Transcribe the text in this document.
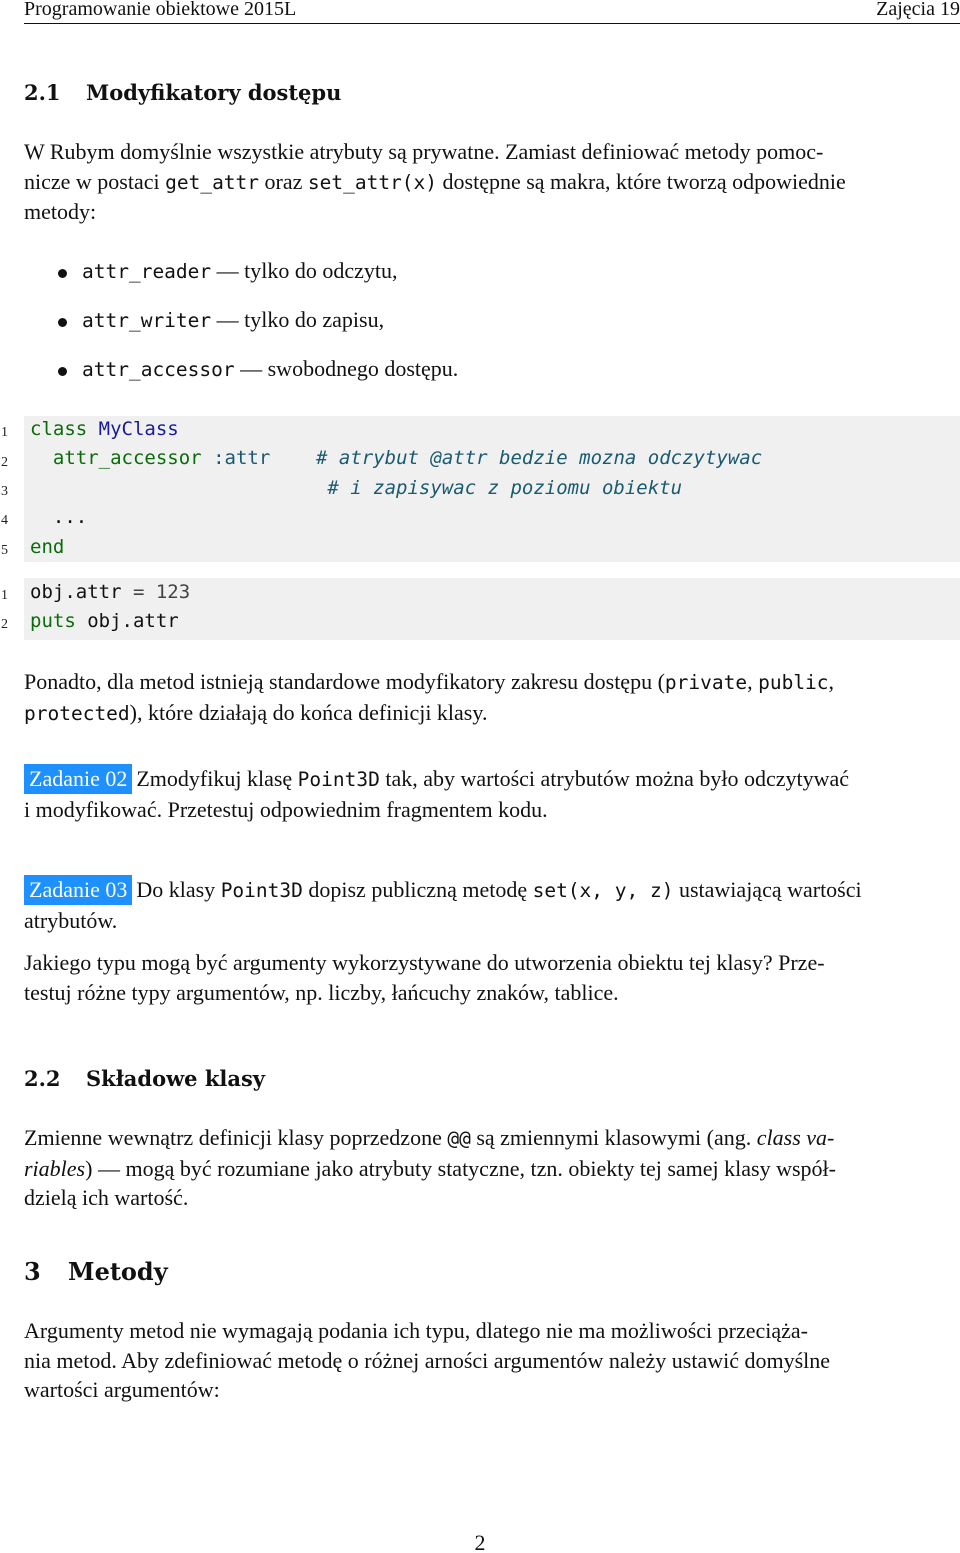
Programowanie obiektowe 2015L	Zajęcia 19
2.1 Modyfikatory dostępu
W Rubym domyślnie wszystkie atrybuty są prywatne. Zamiast definiować metody pomoc-
nicze w postaci get_attr oraz set_attr(x) dostępne są makra, które tworzą odpowiednie
metody:
attr_reader — tylko do odczytu,
attr_writer — tylko do zapisu,
attr_accessor — swobodnego dostępu.
1
2
3
4
5
class MyClass
attr_accessor :attr # atrybut @attr bedzie mozna odczytywac
# i zapisywac z poziomu obiektu
...
end
1
2
obj.attr = 123
puts obj.attr
Ponadto, dla metod istnieją standardowe modyfikatory zakresu dostępu (private, public,
protected), które działają do końca definicji klasy.
Zadanie 02 Zmodyfikuj klasę Point3D tak, aby wartości atrybutów można było odczytywać
i modyfikować. Przetestuj odpowiednim fragmentem kodu.
Zadanie 03 Do klasy Point3D dopisz publiczną metodę set(x, y, z) ustawiającą wartości
atrybutów.
Jakiego typu mogą być argumenty wykorzystywane do utworzenia obiektu tej klasy? Prze-
testuj różne typy argumentów, np. liczby, łańcuchy znaków, tablice.
2.2 Składowe klasy
Zmienne wewnątrz definicji klasy poprzedzone @@ są zmiennymi klasowymi (ang. class va-
riables) — mogą być rozumiane jako atrybuty statyczne, tzn. obiekty tej samej klasy współ-
dzielą ich wartość.
3 Metody
Argumenty metod nie wymagają podania ich typu, dlatego nie ma możliwości przeciąża-
nia metod. Aby zdefiniować metodę o różnej arności argumentów należy ustawić domyślne
wartości argumentów:
2
